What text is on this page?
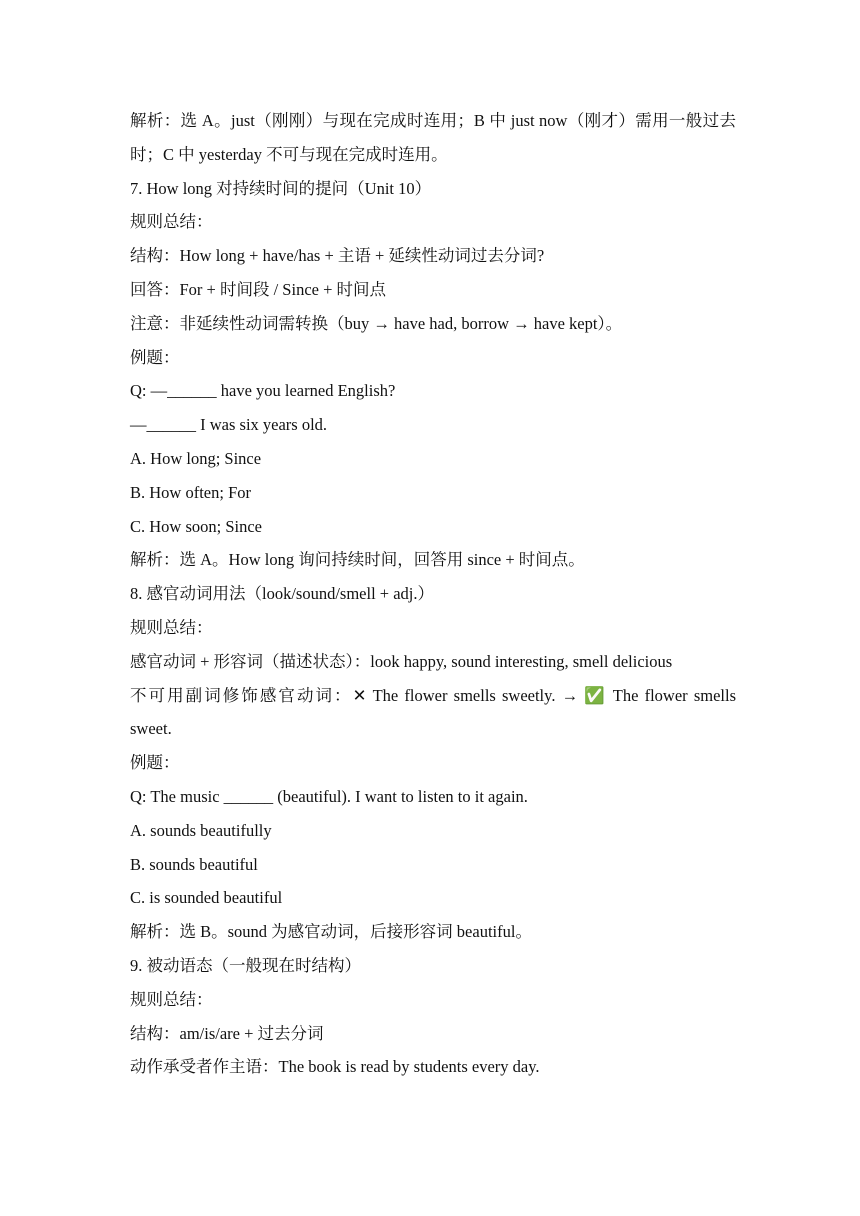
解析：选 A。just（刚刚）与现在完成时连用；B 中 just now（刚才）需用一般过去时；C 中 yesterday 不可与现在完成时连用。
7. How long 对持续时间的提问（Unit 10）
规则总结：
结构：How long + have/has + 主语 + 延续性动词过去分词?
回答：For + 时间段 / Since + 时间点
注意：非延续性动词需转换（buy → have had, borrow → have kept）。
例题：
Q: —______ have you learned English?
—______ I was six years old.
A. How long; Since
B. How often; For
C. How soon; Since
解析：选 A。How long 询问持续时间，回答用 since + 时间点。
8. 感官动词用法（look/sound/smell + adj.）
规则总结：
感官动词 + 形容词（描述状态）：look happy, sound interesting, smell delicious
不可用副词修饰感官动词：✕ The flower smells sweetly. → ✅ The flower smells sweet.
例题：
Q: The music ______ (beautiful). I want to listen to it again.
A. sounds beautifully
B. sounds beautiful
C. is sounded beautiful
解析：选 B。sound 为感官动词，后接形容词 beautiful。
9. 被动语态（一般现在时结构）
规则总结：
结构：am/is/are + 过去分词
动作承受者作主语：The book is read by students every day.
